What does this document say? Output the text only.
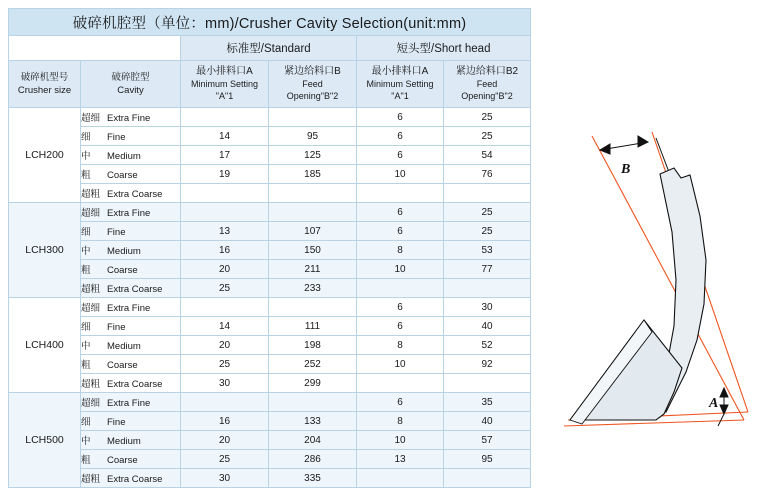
破碎机腔型（单位：mm)/Crusher Cavity Selection(unit:mm)					
		标准型/Standard		短头型/Short head	

破碎机型号
Crusher size

破碎腔型
Cavity

最小排料口A
Minimum Setting
"A"1

紧边给料口B
Feed
Opening"B"2

最小排料口A
Minimum Setting
"A"1

紧边给料口B2
Feed
Opening"B"2

LCH200	超细 Extra Fine			6	25
	细 Fine	14	95	6	25
	中 Medium	17	125	6	54
	粗 Coarse	19	185	10	76
	超粗 Extra Coarse				
LCH300	超细 Extra Fine			6	25
	细 Fine	13	107	6	25
	中 Medium	16	150	8	53
	粗 Coarse	20	211	10	77
	超粗 Extra Coarse	25	233		
LCH400	超细 Extra Fine			6	30
	细 Fine	14	111	6	40
	中 Medium	20	198	8	52
	粗 Coarse	25	252	10	92
	超粗 Extra Coarse	30	299		
LCH500	超细 Extra Fine			6	35
	细 Fine	16	133	8	40
	中 Medium	20	204	10	57
	粗 Coarse	25	286	13	95
	超粗 Extra Coarse	30	335		
B
A
